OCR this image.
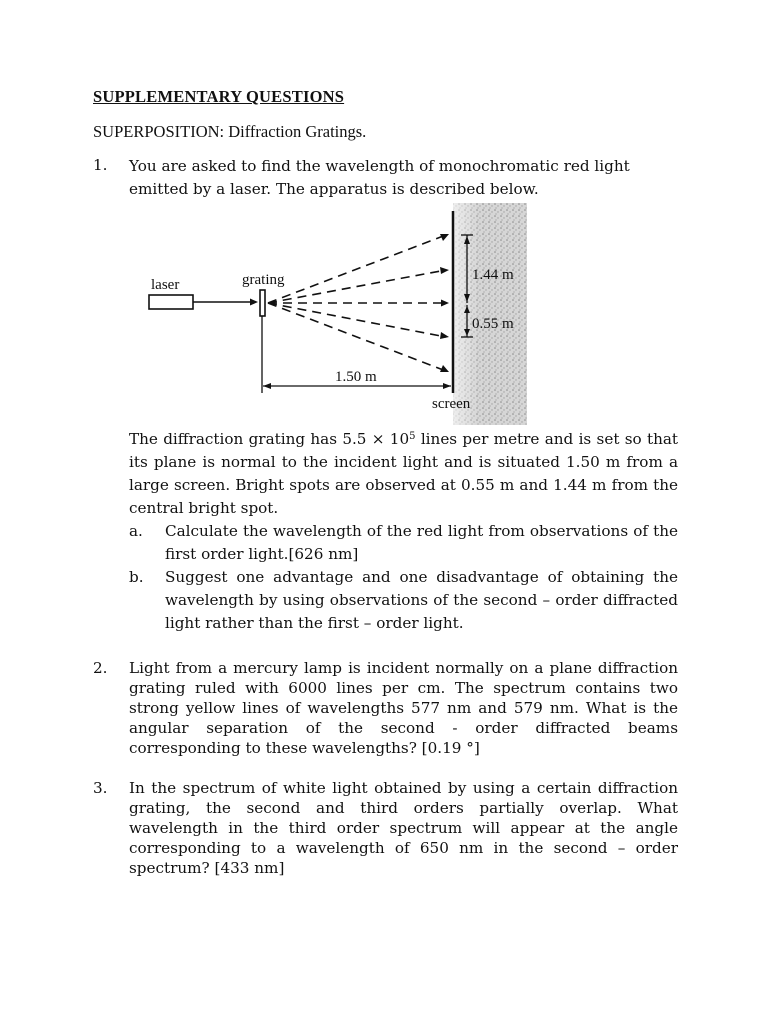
SUPPLEMENTARY QUESTIONS
SUPERPOSITION: Diffraction Gratings.
1. You are asked to find the wavelength of monochromatic red light
emitted by a laser. The apparatus is described below.
laser	grating	1.44 m
0.55 m
1.50 m
screen
The diffraction grating has $5.5 \times 10^5$ lines per metre and is set so that its plane is normal to the incident light and is situated 1.50 m from a large screen. Bright spots are observed at 0.55 m and 1.44 m from the central bright spot.
a. Calculate the wavelength of the red light from observations of the first order light.[626 nm]
b. Suggest one advantage and one disadvantage of obtaining the wavelength by using observations of the second – order diffracted light rather than the first – order light.
2. Light from a mercury lamp is incident normally on a plane diffraction grating ruled with 6000 lines per cm. The spectrum contains two strong yellow lines of wavelengths 577 nm and 579 nm. What is the angular separation of the second - order diffracted beams corresponding to these wavelengths? [0.19 °]
3. In the spectrum of white light obtained by using a certain diffraction grating, the second and third orders partially overlap. What wavelength in the third order spectrum will appear at the angle corresponding to a wavelength of 650 nm in the second – order spectrum? [433 nm]
